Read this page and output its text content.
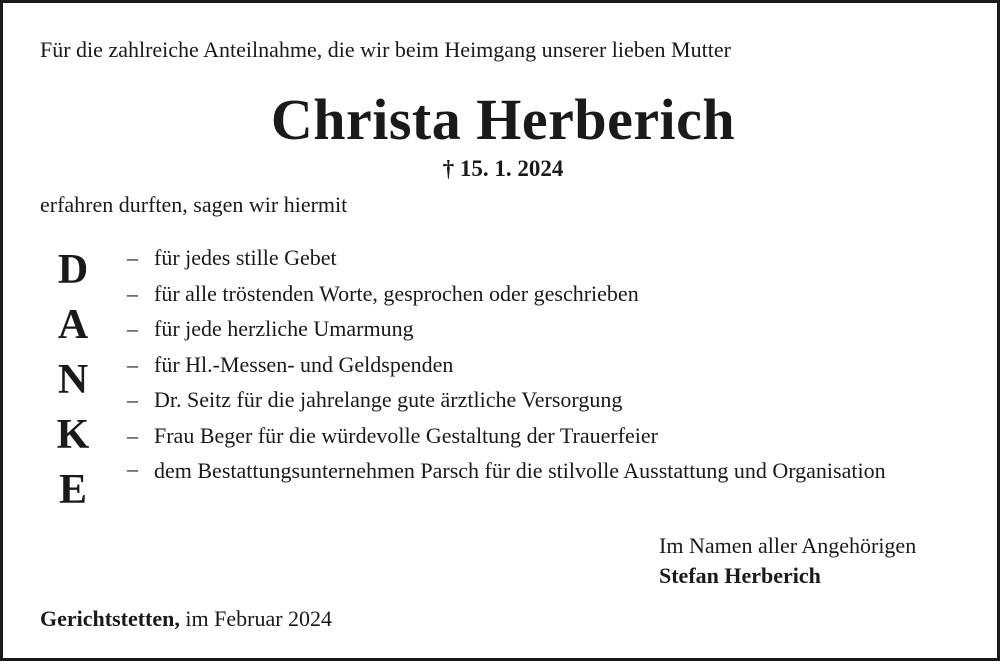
Für die zahlreiche Anteilnahme, die wir beim Heimgang unserer lieben Mutter
Christa Herberich
† 15. 1. 2024
erfahren durften, sagen wir hiermit
D
A
N
K
E
– für jedes stille Gebet
– für alle tröstenden Worte, gesprochen oder geschrieben
– für jede herzliche Umarmung
– für Hl.-Messen- und Geldspenden
– Dr. Seitz für die jahrelange gute ärztliche Versorgung
– Frau Beger für die würdevolle Gestaltung der Trauerfeier
– dem Bestattungsunternehmen Parsch für die stilvolle Ausstattung und Organisation
Im Namen aller Angehörigen
Stefan Herberich
Gerichtstetten, im Februar 2024
